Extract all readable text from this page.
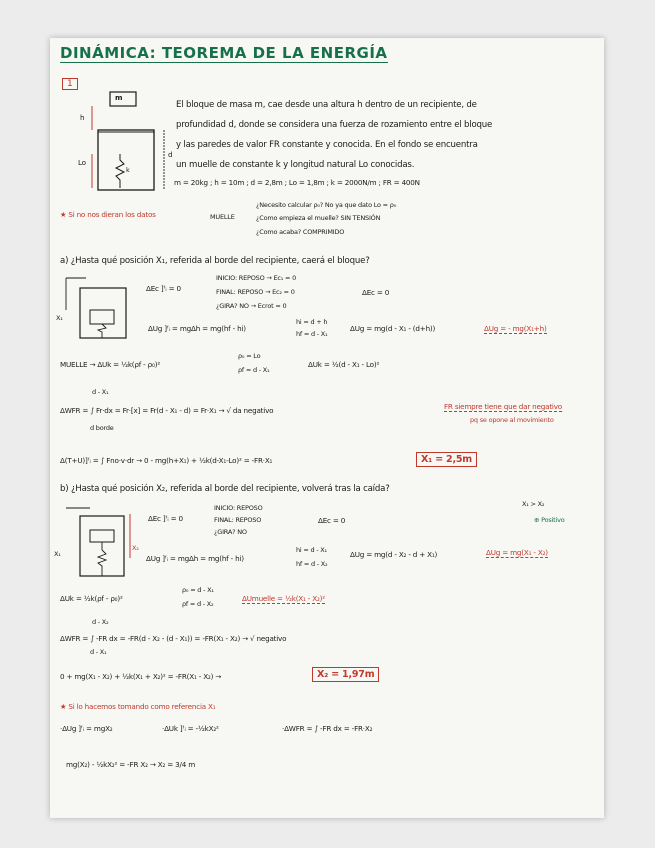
DINÁMICA: TEOREMA DE LA ENERGÍA
1
m
h
d
Lo
k
El bloque de masa m, cae desde una altura h dentro de un recipiente, de
profundidad d, donde se considera una fuerza de rozamiento entre el bloque
y las paredes de valor FR constante y conocida. En el fondo se encuentra
un muelle de constante k y longitud natural Lo conocidas.
m = 20kg ; h = 10m ; d = 2,8m ; Lo = 1,8m ; k = 2000N/m ; FR = 400N
★ Si no nos dieran los datos	MUELLE
¿Necesito calcular ρ₀? No ya que dato Lo = ρ₀
¿Como empieza el muelle? SIN TENSIÓN
¿Como acaba? COMPRIMIDO
a) ¿Hasta qué posición X₁, referida al borde del recipiente, caerá el bloque?
X₁
ΔEc ]ᶠᵢ = 0
INICIO: REPOSO → Ec₁ = 0
FINAL: REPOSO → Ec₂ = 0
¿GIRA? NO → Ecrot = 0
ΔEc = 0
ΔUg ]ᶠᵢ = mgΔh = mg(hf - hi)
hi = d + h
hf = d - X₁
ΔUg = mg(d - X₁ - (d+h))	ΔUg = - mg(X₁+h)
MUELLE → ΔUk = ½k(ρf - ρ₀)²
ρ₀ = Lo
ρf = d - X₁
ΔUk = ½(d - X₁ - Lo)²
d - X₁
ΔWFR = ∫ Fr·dx = Fr·[x] = Fr(d - X₁ - d) = Fr·X₁ → √ da negativo
d borde
FR siempre tiene que dar negativo
pq se opone al movimiento
Δ(T+U)]ᶠᵢ = ∫ Fno·v·dr → 0 - mg(h+X₁) + ½k(d-X₁-Lo)² = -FR·X₁	X₁ = 2,5m
b) ¿Hasta qué posición X₂, referida al borde del recipiente, volverá tras la caída?
X₁ > X₂
⊕ Positivo
X₁
X₂
ΔEc ]ᶠᵢ = 0
INICIO: REPOSO
FINAL: REPOSO
¿GIRA? NO
ΔEc = 0
ΔUg ]ᶠᵢ = mgΔh = mg(hf - hi)
hi = d - X₁
hf = d - X₂
ΔUg = mg(d - X₂ - d + X₁)	ΔUg = mg(X₁ - X₂)
ΔUk = ½k(ρf - ρ₀)²
ρ₀ = d - X₁
ρf = d - X₂
ΔUmuelle = ½k(X₁ - X₂)²
d - X₂
ΔWFR = ∫ -FR dx = -FR(d - X₂ - (d - X₁)) = -FR(X₁ - X₂) → √ negativo
d - X₁
0 + mg(X₁ - X₂) + ½k(X₁ + X₂)² = -FR(X₁ - X₂) →	X₂ = 1,97m
★ Si lo hacemos tomando como referencia X₁
·ΔUg ]ᶠᵢ = mgX₂	·ΔUk ]ᶠᵢ = -½kX₂²	·ΔWFR = ∫ -FR dx = -FR·X₂
mg(X₂) - ½kX₂² = -FR X₂ → X₂ = 3/4 m
